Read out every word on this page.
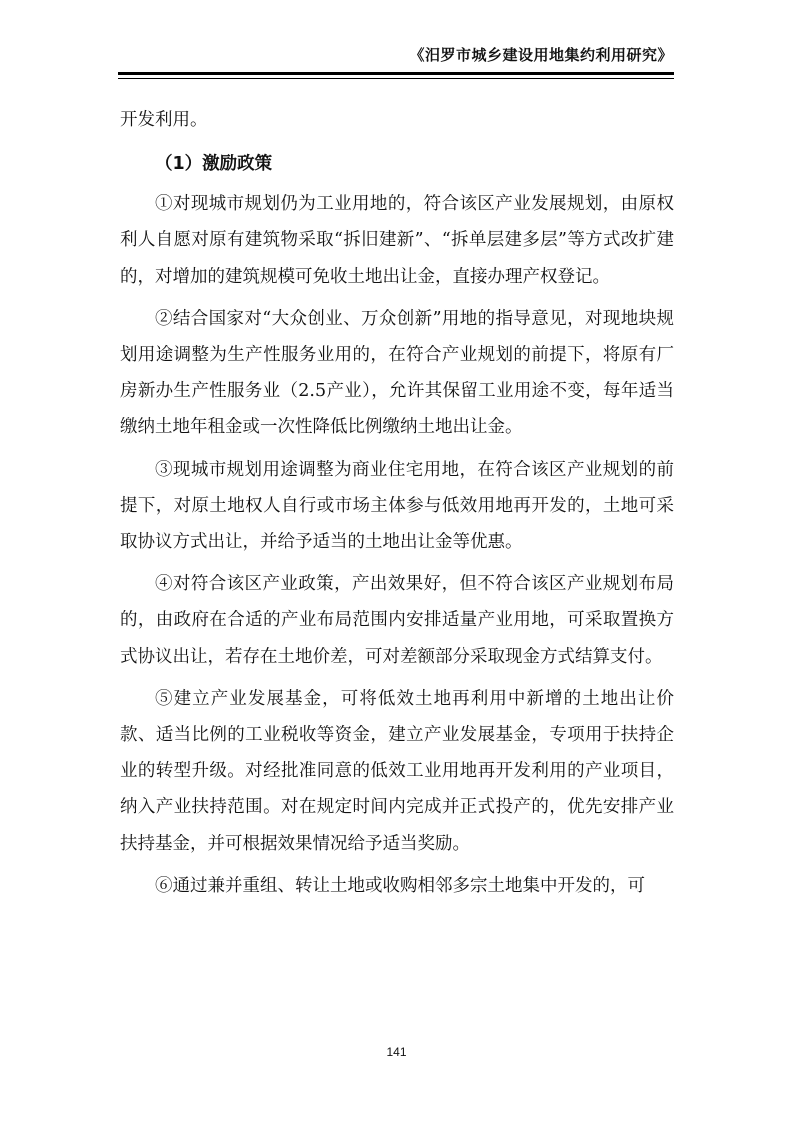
《汨罗市城乡建设用地集约利用研究》

开发利用。

（1）激励政策

①对现城市规划仍为工业用地的，符合该区产业发展规划，由原权利人自愿对原有建筑物采取“拆旧建新”、“拆单层建多层”等方式改扩建的，对增加的建筑规模可免收土地出让金，直接办理产权登记。

②结合国家对“大众创业、万众创新”用地的指导意见，对现地块规划用途调整为生产性服务业用的，在符合产业规划的前提下，将原有厂房新办生产性服务业（2.5产业），允许其保留工业用途不变，每年适当缴纳土地年租金或一次性降低比例缴纳土地出让金。

③现城市规划用途调整为商业住宅用地，在符合该区产业规划的前提下，对原土地权人自行或市场主体参与低效用地再开发的，土地可采取协议方式出让，并给予适当的土地出让金等优惠。

④对符合该区产业政策，产出效果好，但不符合该区产业规划布局的，由政府在合适的产业布局范围内安排适量产业用地，可采取置换方式协议出让，若存在土地价差，可对差额部分采取现金方式结算支付。

⑤建立产业发展基金，可将低效土地再利用中新增的土地出让价款、适当比例的工业税收等资金，建立产业发展基金，专项用于扶持企业的转型升级。对经批准同意的低效工业用地再开发利用的产业项目，纳入产业扶持范围。对在规定时间内完成并正式投产的，优先安排产业扶持基金，并可根据效果情况给予适当奖励。

⑥通过兼并重组、转让土地或收购相邻多宗土地集中开发的，可

141
